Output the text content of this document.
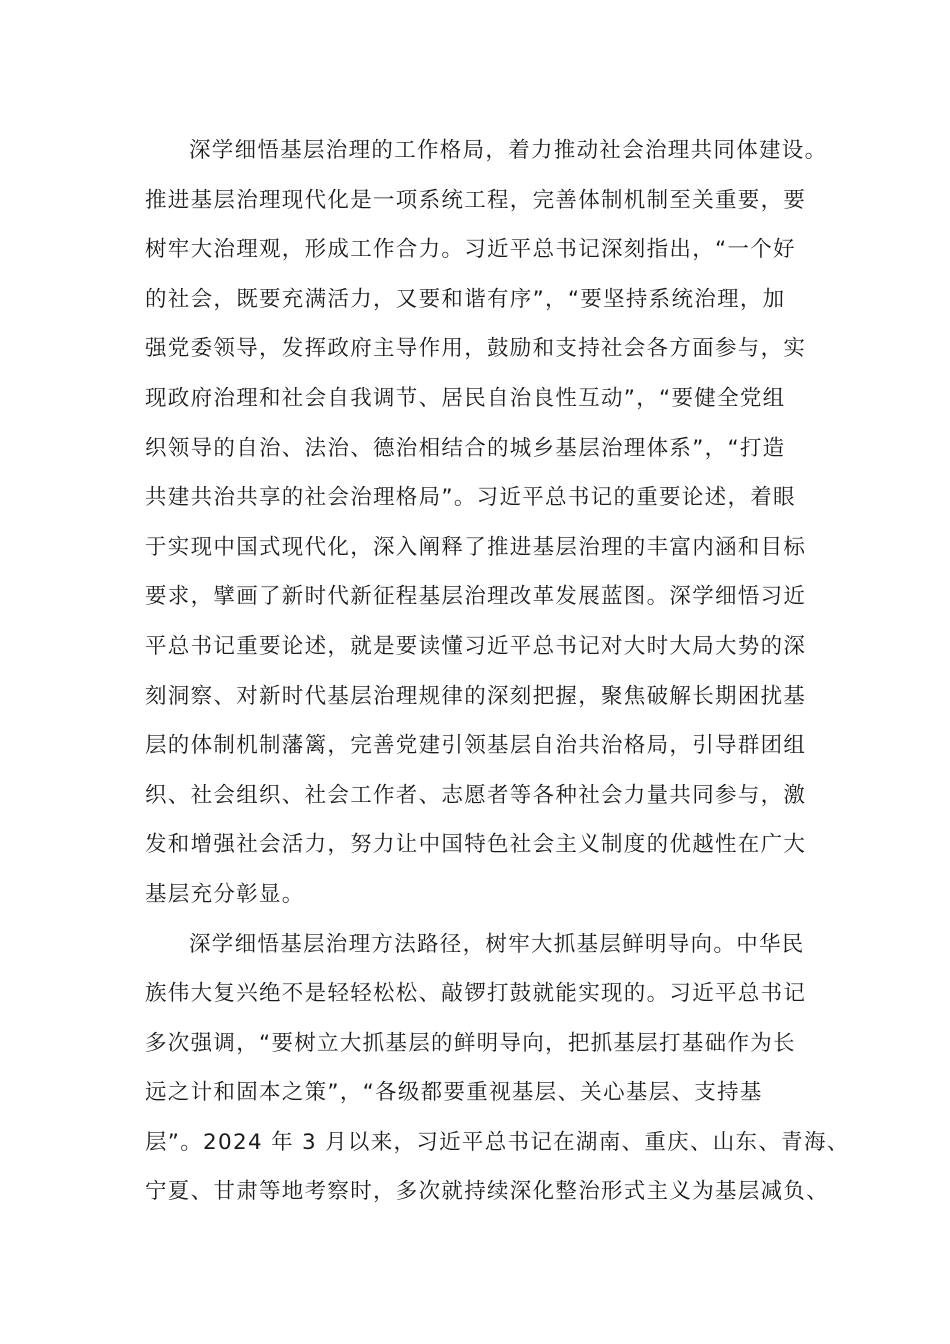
深学细悟基层治理的工作格局，着力推动社会治理共同体建设。
推进基层治理现代化是一项系统工程，完善体制机制至关重要，要
树牢大治理观，形成工作合力。习近平总书记深刻指出，“一个好
的社会，既要充满活力，又要和谐有序”，“要坚持系统治理，加
强党委领导，发挥政府主导作用，鼓励和支持社会各方面参与，实
现政府治理和社会自我调节、居民自治良性互动”，“要健全党组
织领导的自治、法治、德治相结合的城乡基层治理体系”，“打造
共建共治共享的社会治理格局”。习近平总书记的重要论述，着眼
于实现中国式现代化，深入阐释了推进基层治理的丰富内涵和目标
要求，擘画了新时代新征程基层治理改革发展蓝图。深学细悟习近
平总书记重要论述，就是要读懂习近平总书记对大时大局大势的深
刻洞察、对新时代基层治理规律的深刻把握，聚焦破解长期困扰基
层的体制机制藩篱，完善党建引领基层自治共治格局，引导群团组
织、社会组织、社会工作者、志愿者等各种社会力量共同参与，激
发和增强社会活力，努力让中国特色社会主义制度的优越性在广大
基层充分彰显。
深学细悟基层治理方法路径，树牢大抓基层鲜明导向。中华民
族伟大复兴绝不是轻轻松松、敲锣打鼓就能实现的。习近平总书记
多次强调，“要树立大抓基层的鲜明导向，把抓基层打基础作为长
远之计和固本之策”，“各级都要重视基层、关心基层、支持基
层”。2024 年 3 月以来，习近平总书记在湖南、重庆、山东、青海、
宁夏、甘肃等地考察时，多次就持续深化整治形式主义为基层减负、
